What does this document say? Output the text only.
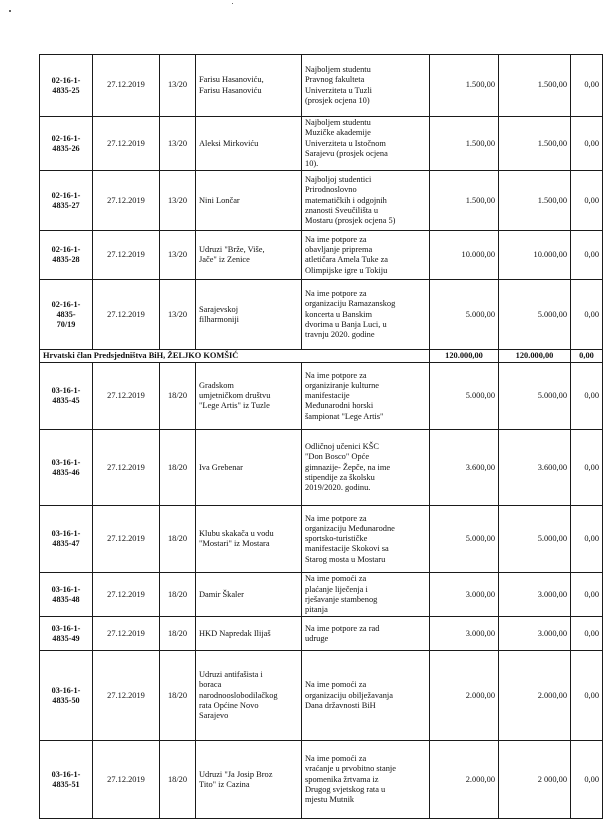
02-16-1-
4835-25	27.12.2019	13/20	Farisu Hasanoviću,
Farisu Hasanoviću	Najboljem studentu
Pravnog fakulteta
Univerziteta u Tuzli
(prosjek ocjena 10)	1.500,00	1.500,00	0,00
02-16-1-
4835-26	27.12.2019	13/20	Aleksi Mirkoviću	Najboljem studentu
Muzičke akademije
Univerziteta u Istočnom
Sarajevu (prosjek ocjena
10).	1.500,00	1.500,00	0,00
02-16-1-
4835-27	27.12.2019	13/20	Nini Lončar	Najboljoj studentici
Prirodnoslovno
matematičkih i odgojnih
znanosti Sveučilišta u
Mostaru (prosjek ocjena 5)	1.500,00	1.500,00	0,00
02-16-1-
4835-28	27.12.2019	13/20	Udruzi "Brže, Više,
Jače" iz Zenice	Na ime potpore za
obavljanje priprema
atletičara Amela Tuke za
Olimpijske igre u Tokiju	10.000,00	10.000,00	0,00
02-16-1-
4835-
70/19	27.12.2019	13/20	Sarajevskoj
filharmoniji	Na ime potpore za
organizaciju Ramazanskog
koncerta u Banskim
dvorima u Banja Luci, u
travnju 2020. godine	5.000,00	5.000,00	0,00
Hrvatski član Predsjedništva BiH, ŽELJKO KOMŠIĆ					120.000,00	120.000,00	0,00
03-16-1-
4835-45	27.12.2019	18/20	Gradskom
umjetničkom društvu
"Lege Artis" iz Tuzle	Na ime potpore za
organiziranje kulturne
manifestacije
Međunarodni horski
šampionat "Lege Artis"	5.000,00	5.000,00	0,00
03-16-1-
4835-46	27.12.2019	18/20	Iva Grebenar	Odličnoj učenici KŠC
"Don Bosco" Opće
gimnazije- Žepče, na ime
stipendije za školsku
2019/2020. godinu.	3.600,00	3.600,00	0,00
03-16-1-
4835-47	27.12.2019	18/20	Klubu skakača u vodu
"Mostari" iz Mostara	Na ime potpore za
organizaciju Međunarodne
sportsko-turističke
manifestacije Skokovi sa
Starog mosta u Mostaru	5.000,00	5.000,00	0,00
03-16-1-
4835-48	27.12.2019	18/20	Damir Škaler	Na ime pomoći za
plaćanje liječenja i
rješavanje stambenog
pitanja	3.000,00	3.000,00	0,00
03-16-1-
4835-49	27.12.2019	18/20	HKD Napredak Ilijaš	Na ime potpore za rad
udruge	3.000,00	3.000,00	0,00
03-16-1-
4835-50	27.12.2019	18/20	Udruzi antifašista i
boraca
narodnooslobodilačkog
rata Općine Novo
Sarajevo	Na ime pomoći za
organizaciju obilježavanja
Dana državnosti BiH	2.000,00	2.000,00	0,00
03-16-1-
4835-51	27.12.2019	18/20	Udruzi "Ja Josip Broz
Tito" iz Cazina	Na ime pomoći za
vraćanje u prvobitno stanje
spomenika žrtvama iz
Drugog svjetskog rata u
mjestu Mutnik	2.000,00	2 000,00	0,00
